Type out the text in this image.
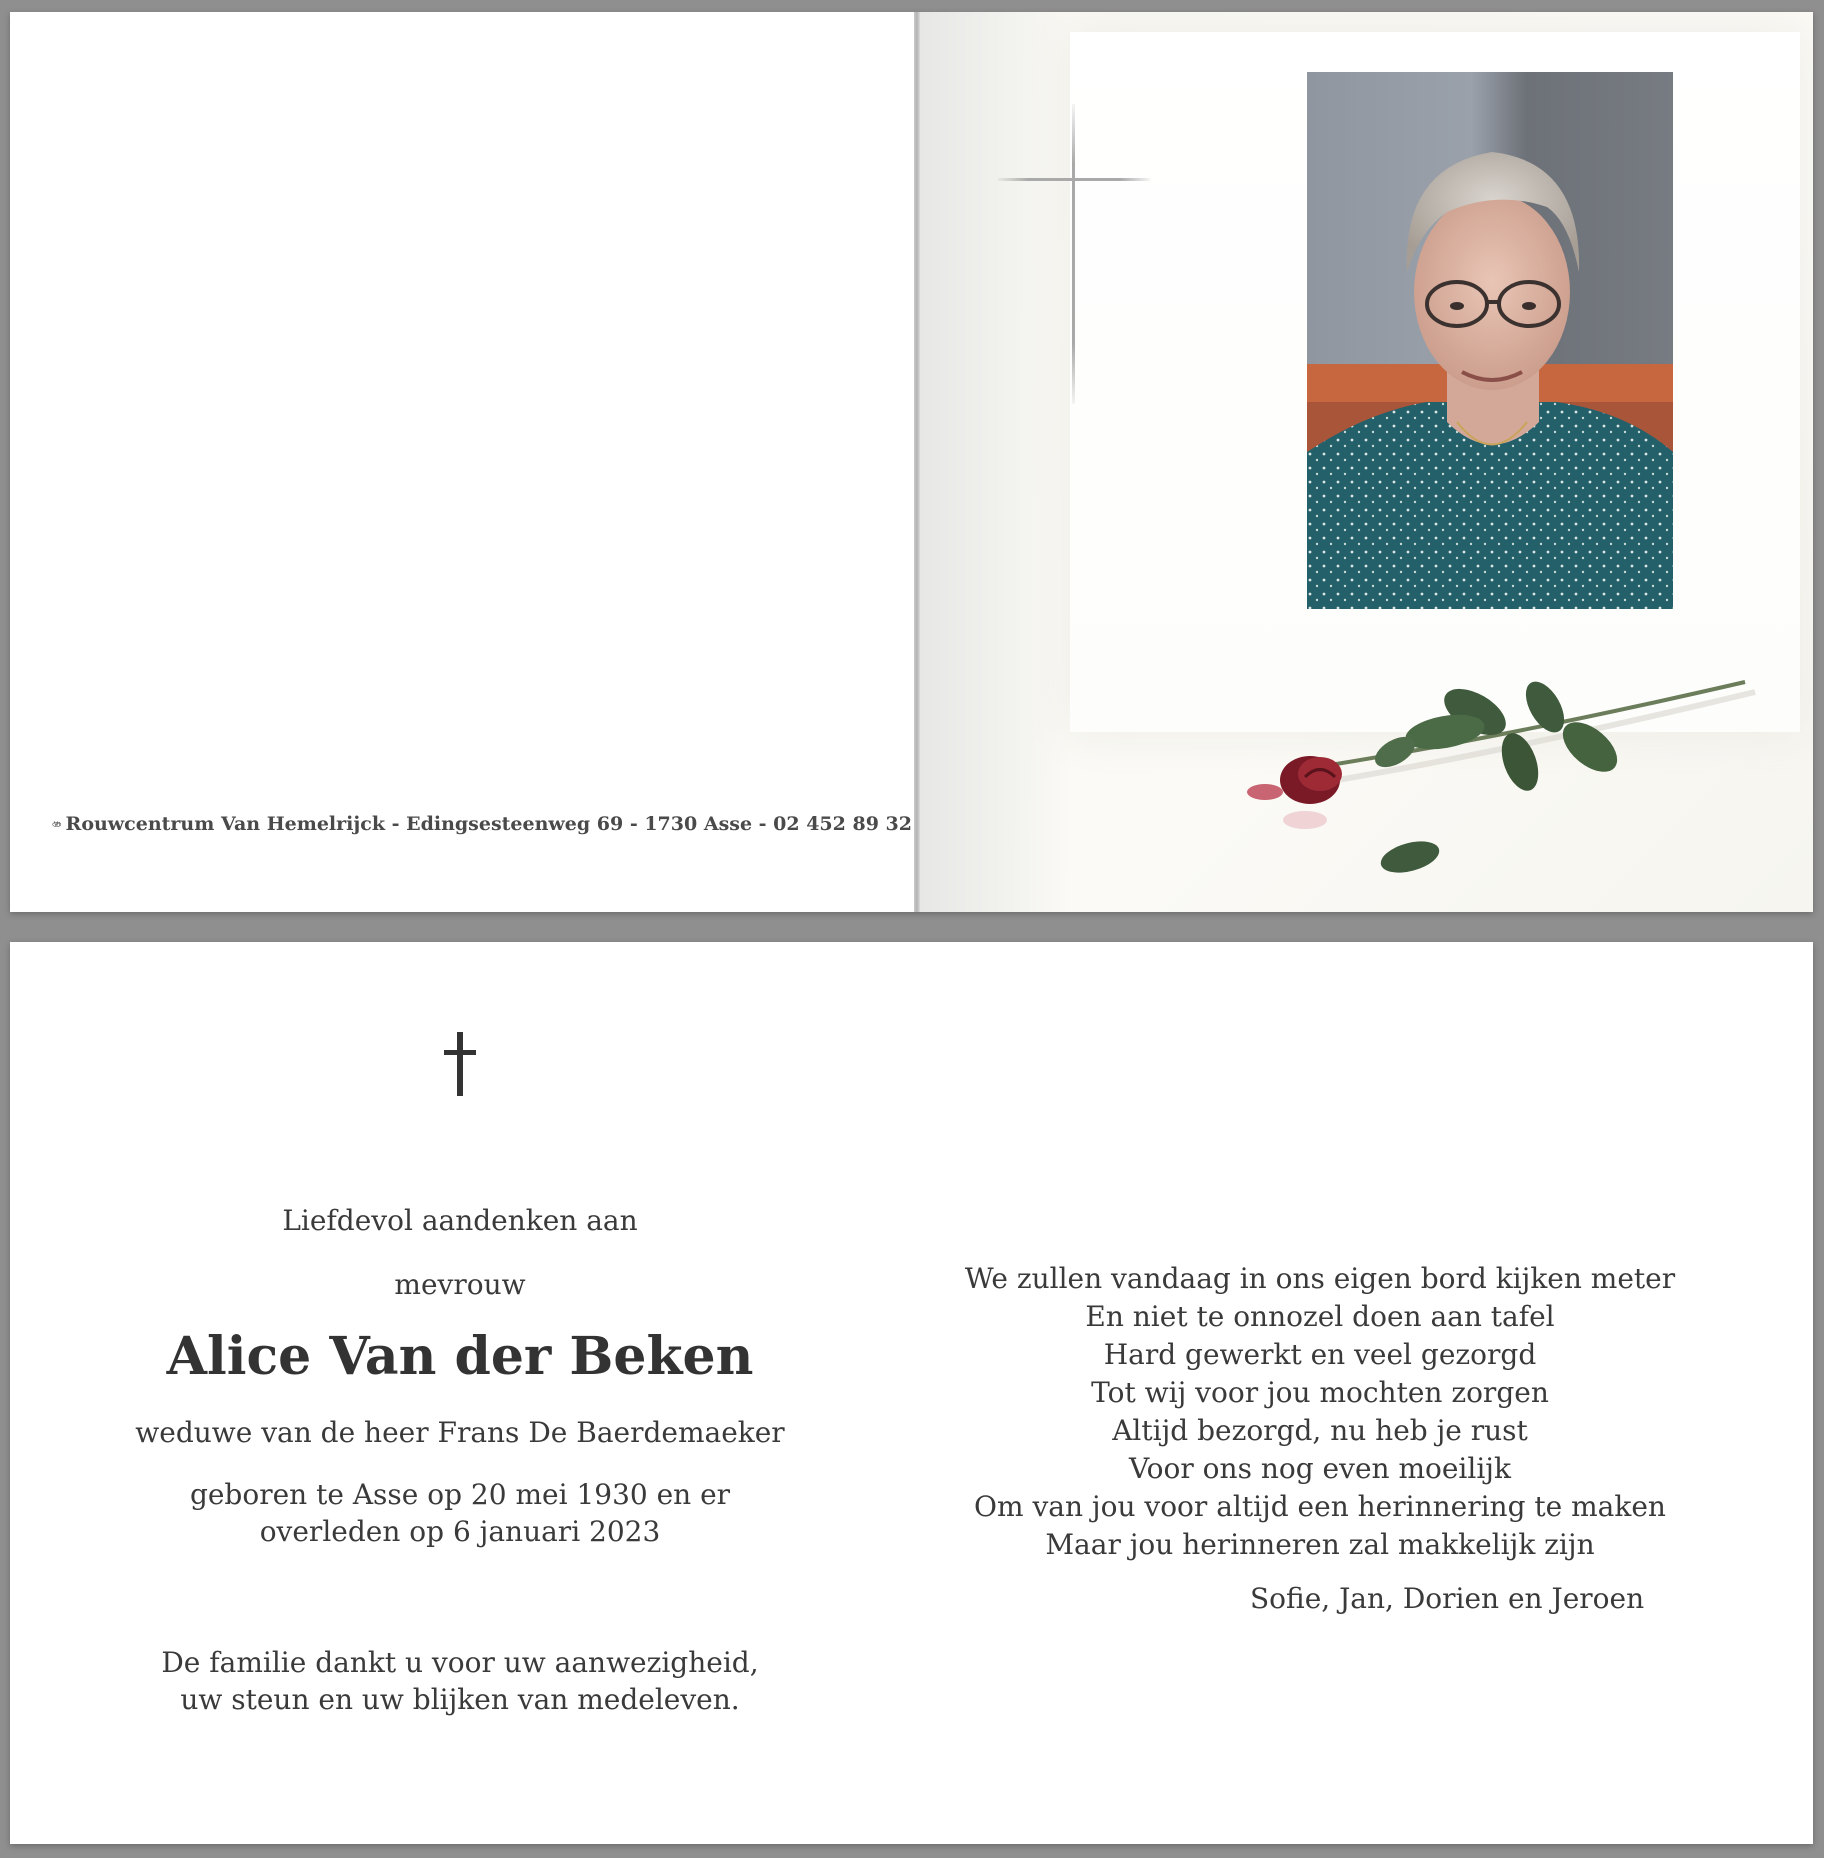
Rouwcentrum Van Hemelrijck - Edingsesteenweg 69 - 1730 Asse - 02 452 89 32
Liefdevol aandenken aan
mevrouw
Alice Van der Beken
weduwe van de heer Frans De Baerdemaeker
geboren te Asse op 20 mei 1930 en er
overleden op 6 januari 2023
De familie dankt u voor uw aanwezigheid,
uw steun en uw blijken van medeleven.
We zullen vandaag in ons eigen bord kijken meter
En niet te onnozel doen aan tafel
Hard gewerkt en veel gezorgd
Tot wij voor jou mochten zorgen
Altijd bezorgd, nu heb je rust
Voor ons nog even moeilijk
Om van jou voor altijd een herinnering te maken
Maar jou herinneren zal makkelijk zijn
Sofie, Jan, Dorien en Jeroen
